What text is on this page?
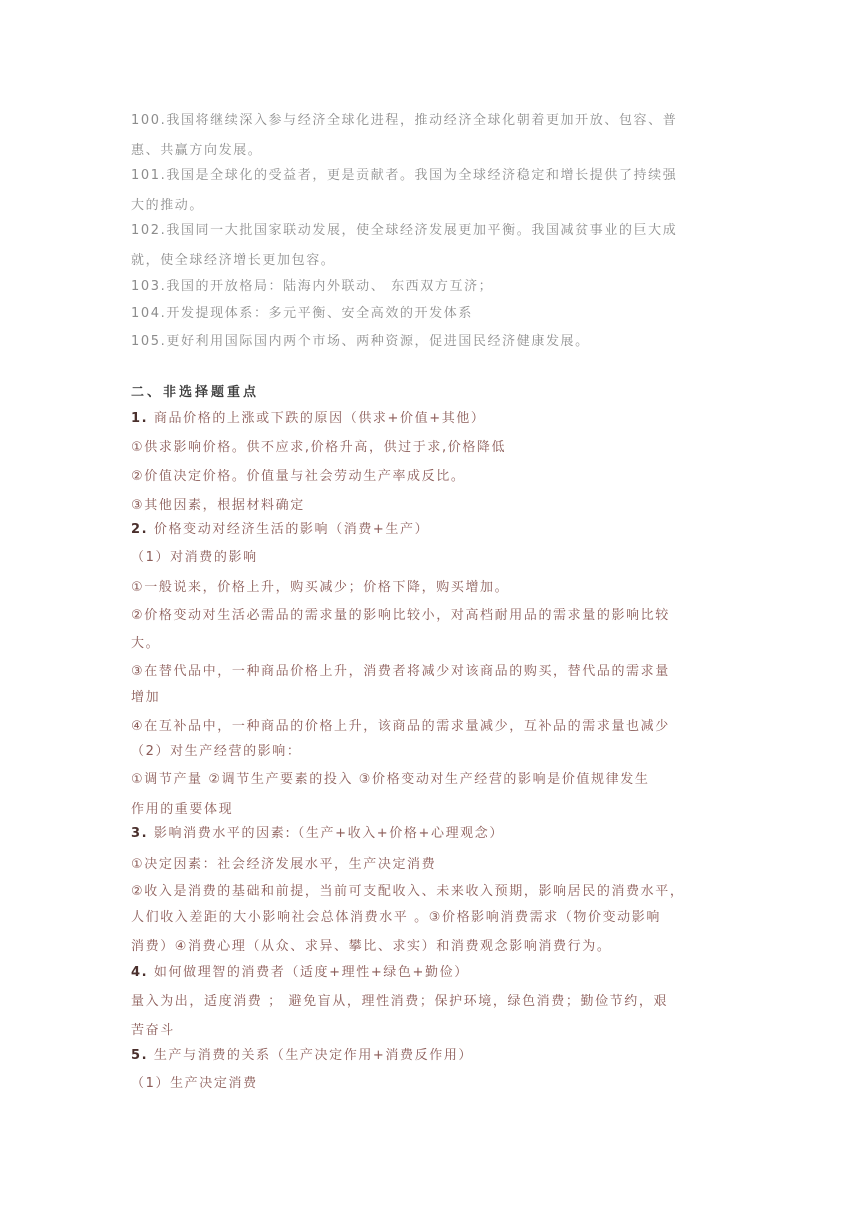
100.我国将继续深入参与经济全球化进程，推动经济全球化朝着更加开放、包容、普
惠、共赢方向发展。
101.我国是全球化的受益者，更是贡献者。我国为全球经济稳定和增长提供了持续强
大的推动。
102.我国同一大批国家联动发展，使全球经济发展更加平衡。我国减贫事业的巨大成
就，使全球经济增长更加包容。
103.我国的开放格局：陆海内外联动、 东西双方互济；
104.开发提现体系：多元平衡、安全高效的开发体系
105.更好利用国际国内两个市场、两种资源，促进国民经济健康发展。
二、非选择题重点
1. 商品价格的上涨或下跌的原因（供求+价值+其他）
①供求影响价格。供不应求,价格升高，供过于求,价格降低
②价值决定价格。价值量与社会劳动生产率成反比。
③其他因素，根据材料确定
2. 价格变动对经济生活的影响（消费+生产）
（1）对消费的影响
①一般说来，价格上升，购买减少；价格下降，购买增加。
②价格变动对生活必需品的需求量的影响比较小，对高档耐用品的需求量的影响比较
大。
③在替代品中，一种商品价格上升，消费者将减少对该商品的购买，替代品的需求量
增加
④在互补品中，一种商品的价格上升，该商品的需求量减少，互补品的需求量也减少
（2）对生产经营的影响：
①调节产量 ②调节生产要素的投入 ③价格变动对生产经营的影响是价值规律发生
作用的重要体现
3. 影响消费水平的因素:（生产+收入+价格+心理观念）
①决定因素：社会经济发展水平，生产决定消费
②收入是消费的基础和前提，当前可支配收入、未来收入预期，影响居民的消费水平，
人们收入差距的大小影响社会总体消费水平 。③价格影响消费需求（物价变动影响
消费）④消费心理（从众、求异、攀比、求实）和消费观念影响消费行为。
4. 如何做理智的消费者（适度+理性+绿色+勤俭）
量入为出，适度消费 ； 避免盲从，理性消费；保护环境，绿色消费；勤俭节约，艰
苦奋斗
5. 生产与消费的关系（生产决定作用+消费反作用）
（1）生产决定消费
